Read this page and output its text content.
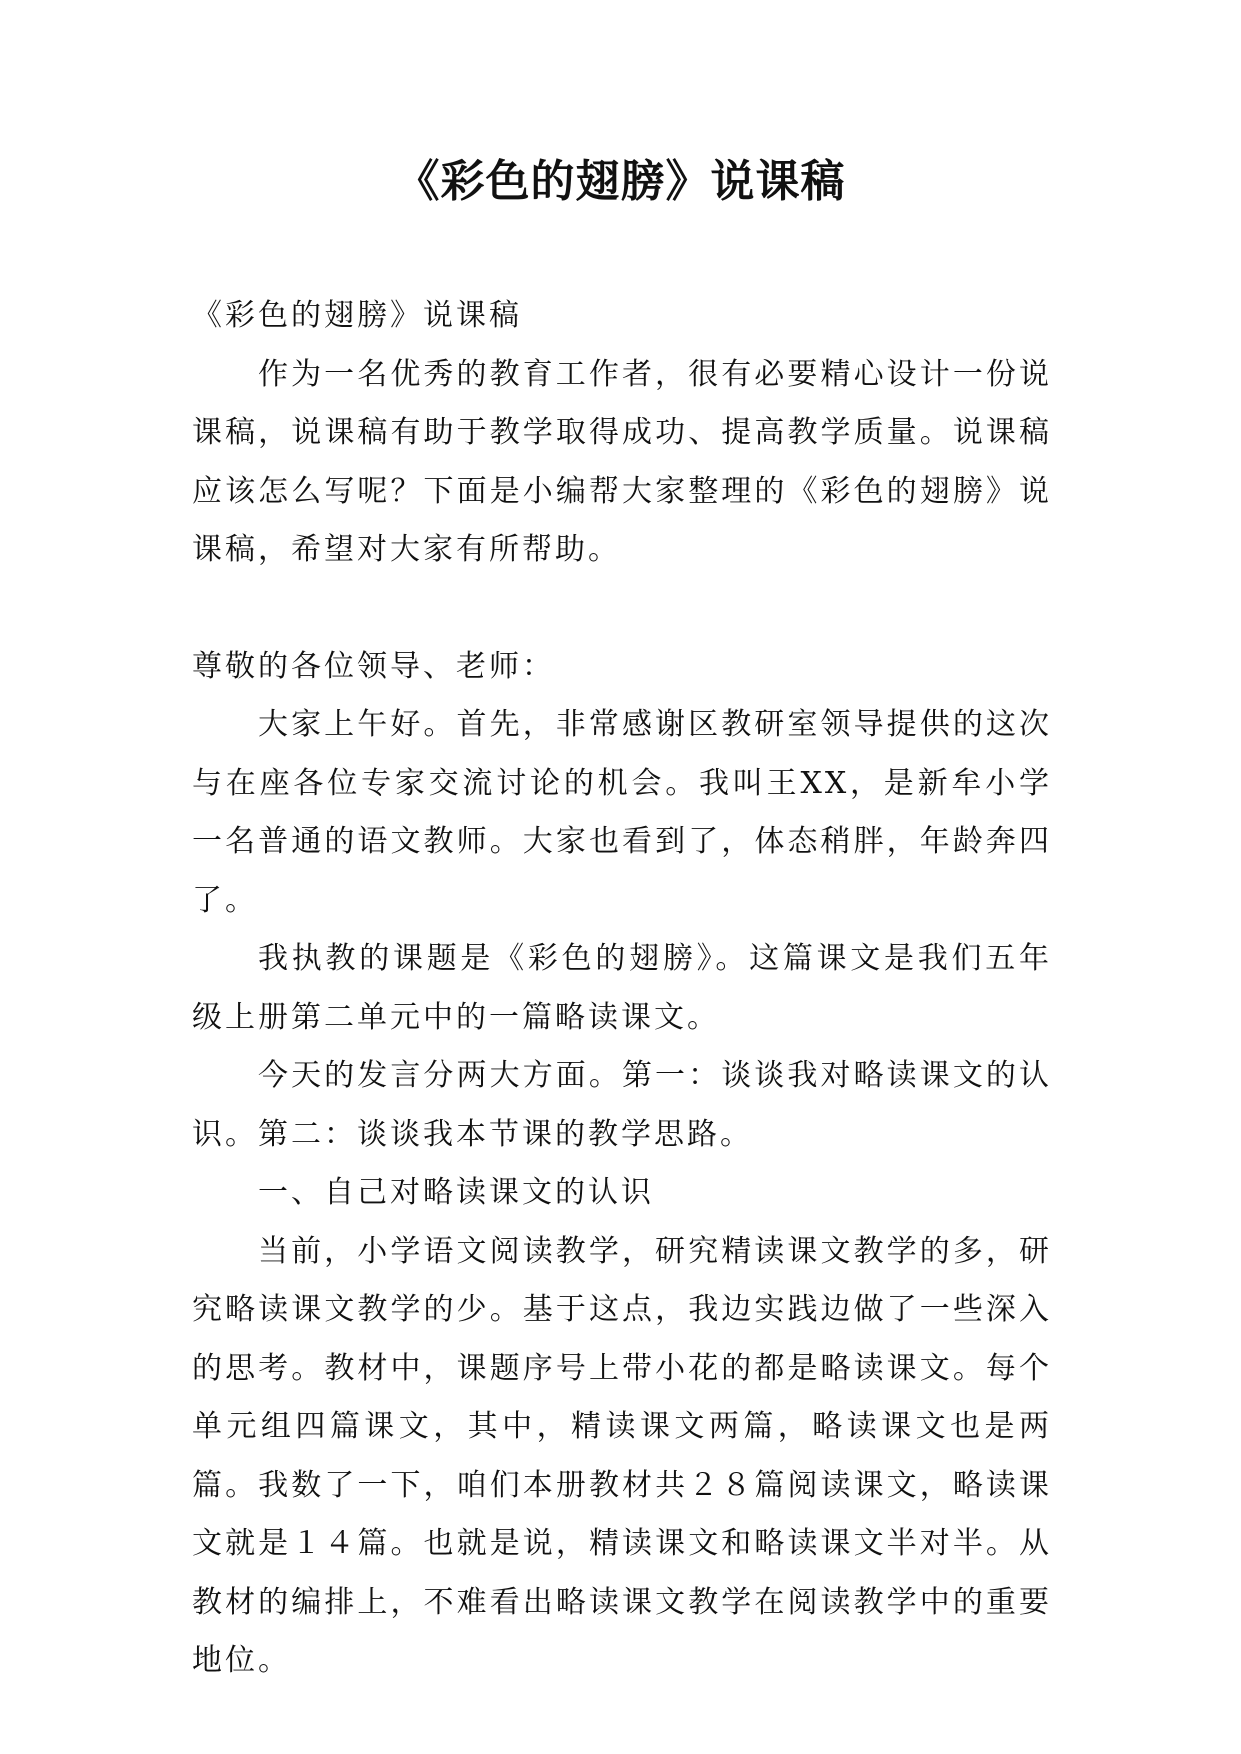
《彩色的翅膀》说课稿

《彩色的翅膀》说课稿

作为一名优秀的教育工作者，很有必要精心设计一份说课稿，说课稿有助于教学取得成功、提高教学质量。说课稿应该怎么写呢？下面是小编帮大家整理的《彩色的翅膀》说课稿，希望对大家有所帮助。

尊敬的各位领导、老师：

大家上午好。首先，非常感谢区教研室领导提供的这次与在座各位专家交流讨论的机会。我叫王XX，是新牟小学一名普通的语文教师。大家也看到了，体态稍胖，年龄奔四了。

我执教的课题是《彩色的翅膀》。这篇课文是我们五年级上册第二单元中的一篇略读课文。

今天的发言分两大方面。第一：谈谈我对略读课文的认识。第二：谈谈我本节课的教学思路。

一、自己对略读课文的认识

当前，小学语文阅读教学，研究精读课文教学的多，研究略读课文教学的少。基于这点，我边实践边做了一些深入的思考。教材中，课题序号上带小花的都是略读课文。每个单元组四篇课文，其中，精读课文两篇，略读课文也是两篇。我数了一下，咱们本册教材共２８篇阅读课文，略读课文就是１４篇。也就是说，精读课文和略读课文半对半。从教材的编排上，不难看出略读课文教学在阅读教学中的重要地位。
